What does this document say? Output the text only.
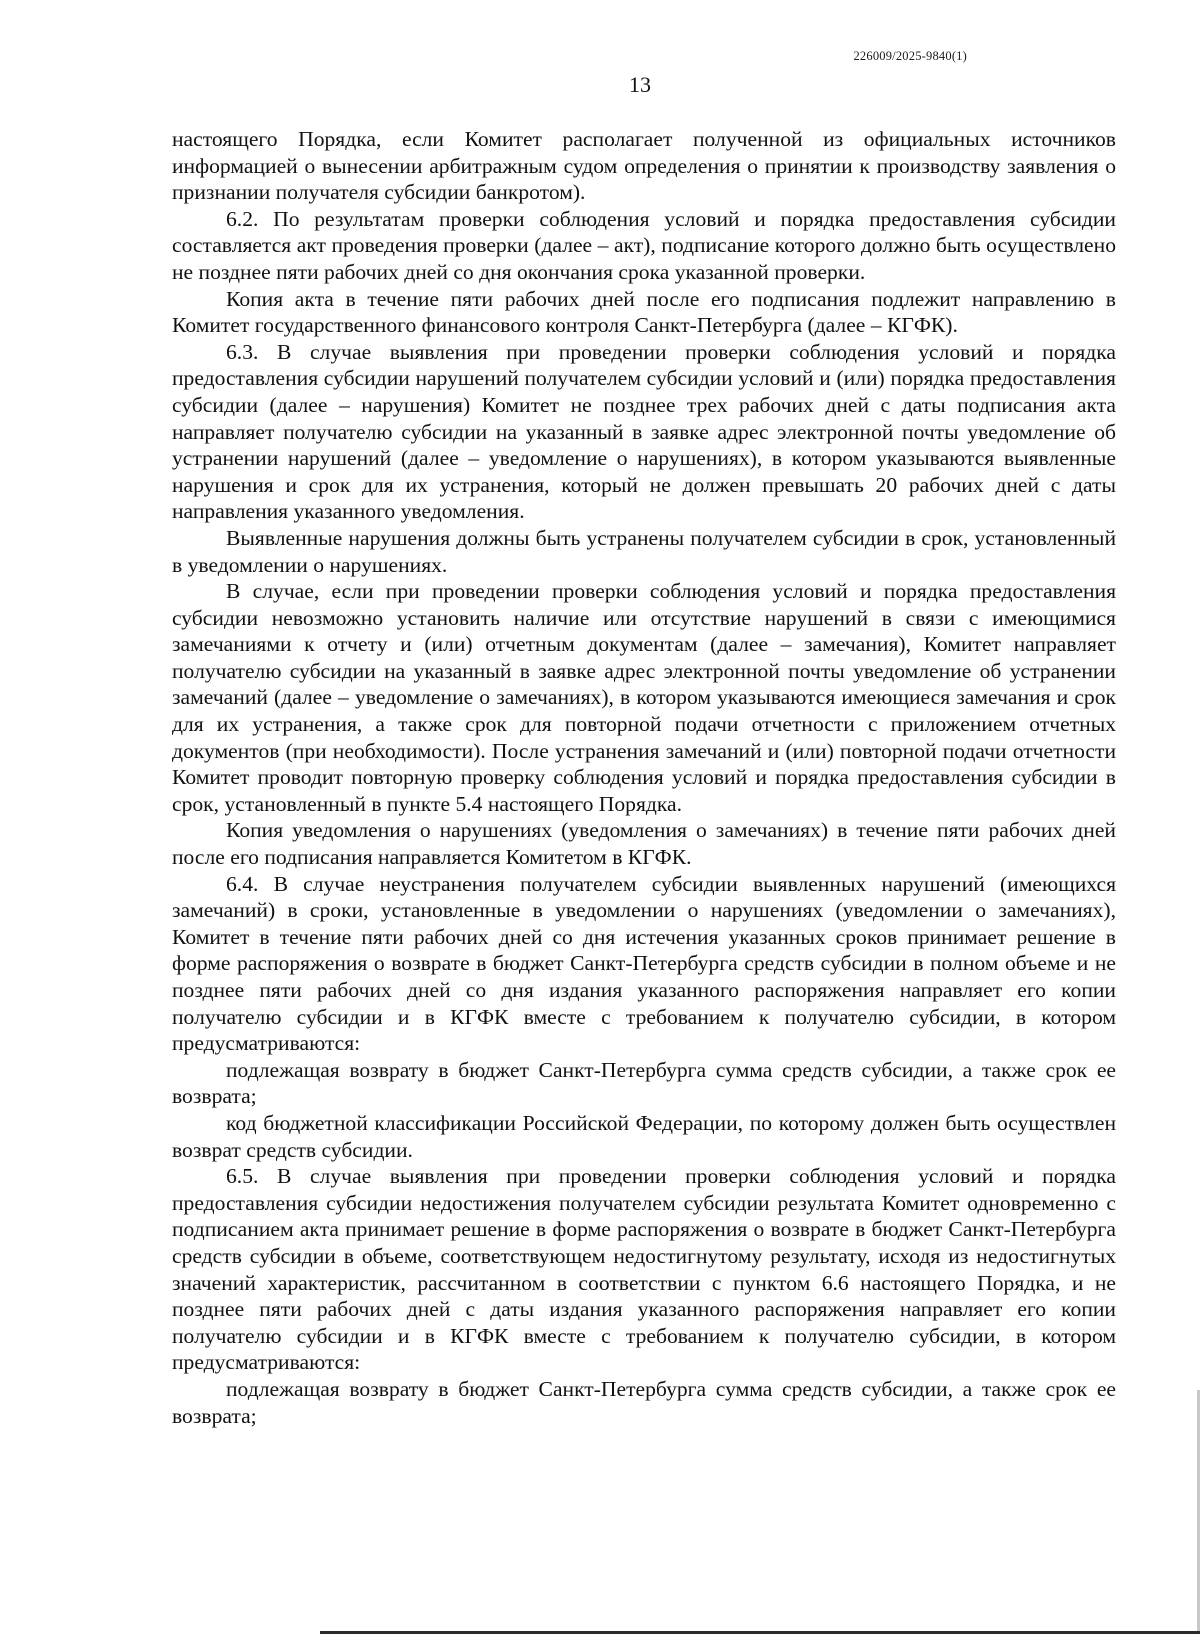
226009/2025-9840(1)
13

настоящего Порядка, если Комитет располагает полученной из официальных источников информацией о вынесении арбитражным судом определения о принятии к производству заявления о признании получателя субсидии банкротом).

6.2. По результатам проверки соблюдения условий и порядка предоставления субсидии составляется акт проведения проверки (далее – акт), подписание которого должно быть осуществлено не позднее пяти рабочих дней со дня окончания срока указанной проверки.

Копия акта в течение пяти рабочих дней после его подписания подлежит направлению в Комитет государственного финансового контроля Санкт-Петербурга (далее – КГФК).

6.3. В случае выявления при проведении проверки соблюдения условий и порядка предоставления субсидии нарушений получателем субсидии условий и (или) порядка предоставления субсидии (далее – нарушения) Комитет не позднее трех рабочих дней с даты подписания акта направляет получателю субсидии на указанный в заявке адрес электронной почты уведомление об устранении нарушений (далее – уведомление о нарушениях), в котором указываются выявленные нарушения и срок для их устранения, который не должен превышать 20 рабочих дней с даты направления указанного уведомления.

Выявленные нарушения должны быть устранены получателем субсидии в срок, установленный в уведомлении о нарушениях.

В случае, если при проведении проверки соблюдения условий и порядка предоставления субсидии невозможно установить наличие или отсутствие нарушений в связи с имеющимися замечаниями к отчету и (или) отчетным документам (далее – замечания), Комитет направляет получателю субсидии на указанный в заявке адрес электронной почты уведомление об устранении замечаний (далее – уведомление о замечаниях), в котором указываются имеющиеся замечания и срок для их устранения, а также срок для повторной подачи отчетности с приложением отчетных документов (при необходимости). После устранения замечаний и (или) повторной подачи отчетности Комитет проводит повторную проверку соблюдения условий и порядка предоставления субсидии в срок, установленный в пункте 5.4 настоящего Порядка.

Копия уведомления о нарушениях (уведомления о замечаниях) в течение пяти рабочих дней после его подписания направляется Комитетом в КГФК.

6.4. В случае неустранения получателем субсидии выявленных нарушений (имеющихся замечаний) в сроки, установленные в уведомлении о нарушениях (уведомлении о замечаниях), Комитет в течение пяти рабочих дней со дня истечения указанных сроков принимает решение в форме распоряжения о возврате в бюджет Санкт-Петербурга средств субсидии в полном объеме и не позднее пяти рабочих дней со дня издания указанного распоряжения направляет его копии получателю субсидии и в КГФК вместе с требованием к получателю субсидии, в котором предусматриваются:

подлежащая возврату в бюджет Санкт-Петербурга сумма средств субсидии, а также срок ее возврата;

код бюджетной классификации Российской Федерации, по которому должен быть осуществлен возврат средств субсидии.

6.5. В случае выявления при проведении проверки соблюдения условий и порядка предоставления субсидии недостижения получателем субсидии результата Комитет одновременно с подписанием акта принимает решение в форме распоряжения о возврате в бюджет Санкт-Петербурга средств субсидии в объеме, соответствующем недостигнутому результату, исходя из недостигнутых значений характеристик, рассчитанном в соответствии с пунктом 6.6 настоящего Порядка, и не позднее пяти рабочих дней с даты издания указанного распоряжения направляет его копии получателю субсидии и в КГФК вместе с требованием к получателю субсидии, в котором предусматриваются:

подлежащая возврату в бюджет Санкт-Петербурга сумма средств субсидии, а также срок ее возврата;
